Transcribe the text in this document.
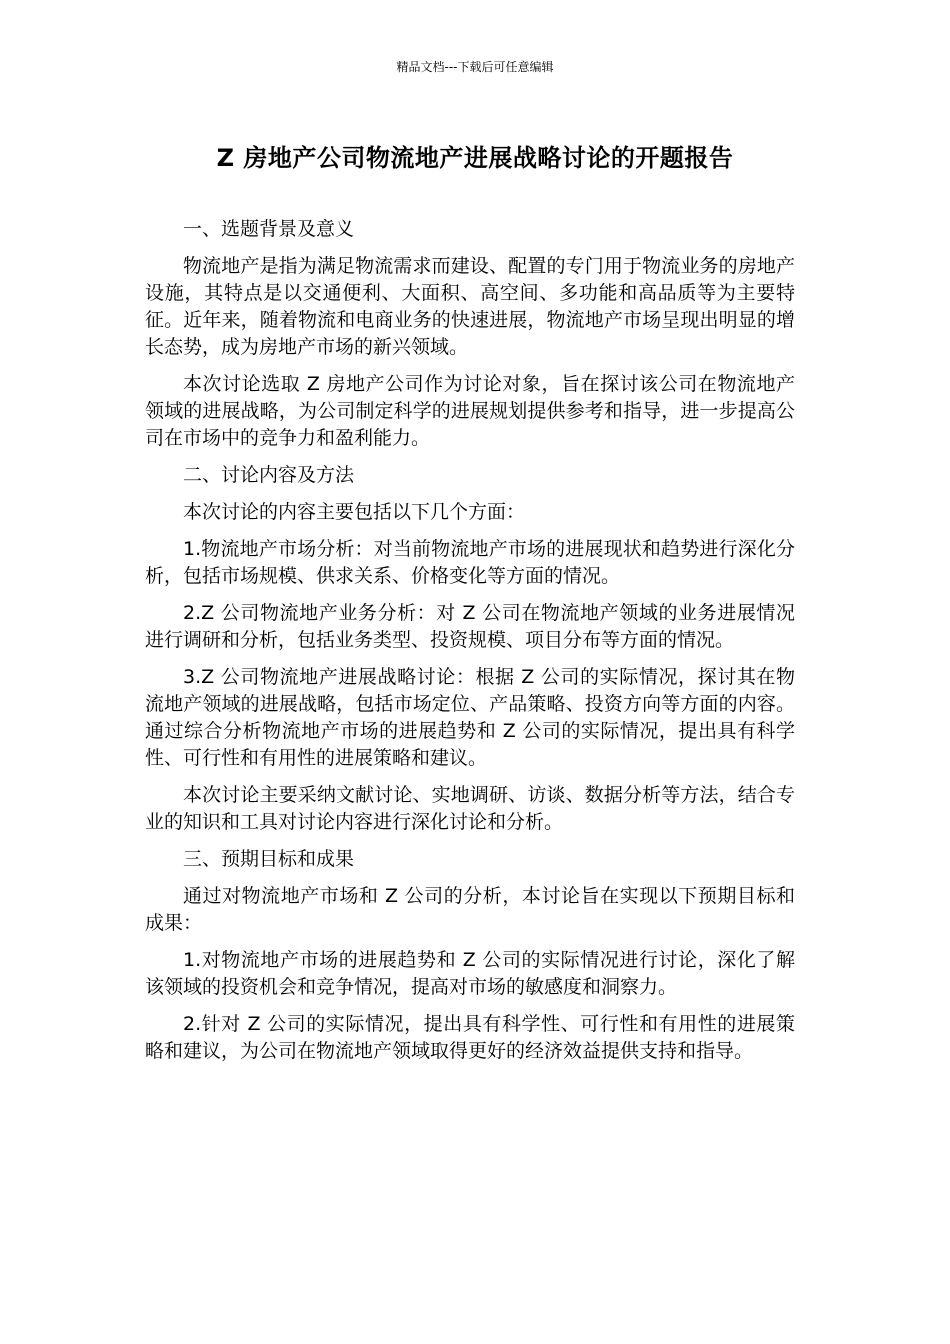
精品文档---下载后可任意编辑
Z 房地产公司物流地产进展战略讨论的开题报告

一、选题背景及意义

物流地产是指为满足物流需求而建设、配置的专门用于物流业务的房地产设施，其特点是以交通便利、大面积、高空间、多功能和高品质等为主要特征。近年来，随着物流和电商业务的快速进展，物流地产市场呈现出明显的增长态势，成为房地产市场的新兴领域。

本次讨论选取 Z 房地产公司作为讨论对象，旨在探讨该公司在物流地产领域的进展战略，为公司制定科学的进展规划提供参考和指导，进一步提高公司在市场中的竞争力和盈利能力。

二、讨论内容及方法

本次讨论的内容主要包括以下几个方面：

1.物流地产市场分析：对当前物流地产市场的进展现状和趋势进行深化分析，包括市场规模、供求关系、价格变化等方面的情况。

2.Z 公司物流地产业务分析：对 Z 公司在物流地产领域的业务进展情况进行调研和分析，包括业务类型、投资规模、项目分布等方面的情况。

3.Z 公司物流地产进展战略讨论：根据 Z 公司的实际情况，探讨其在物流地产领域的进展战略，包括市场定位、产品策略、投资方向等方面的内容。通过综合分析物流地产市场的进展趋势和 Z 公司的实际情况，提出具有科学性、可行性和有用性的进展策略和建议。

本次讨论主要采纳文献讨论、实地调研、访谈、数据分析等方法，结合专业的知识和工具对讨论内容进行深化讨论和分析。

三、预期目标和成果

通过对物流地产市场和 Z 公司的分析，本讨论旨在实现以下预期目标和成果：

1.对物流地产市场的进展趋势和 Z 公司的实际情况进行讨论，深化了解该领域的投资机会和竞争情况，提高对市场的敏感度和洞察力。

2.针对 Z 公司的实际情况，提出具有科学性、可行性和有用性的进展策略和建议，为公司在物流地产领域取得更好的经济效益提供支持和指导。
